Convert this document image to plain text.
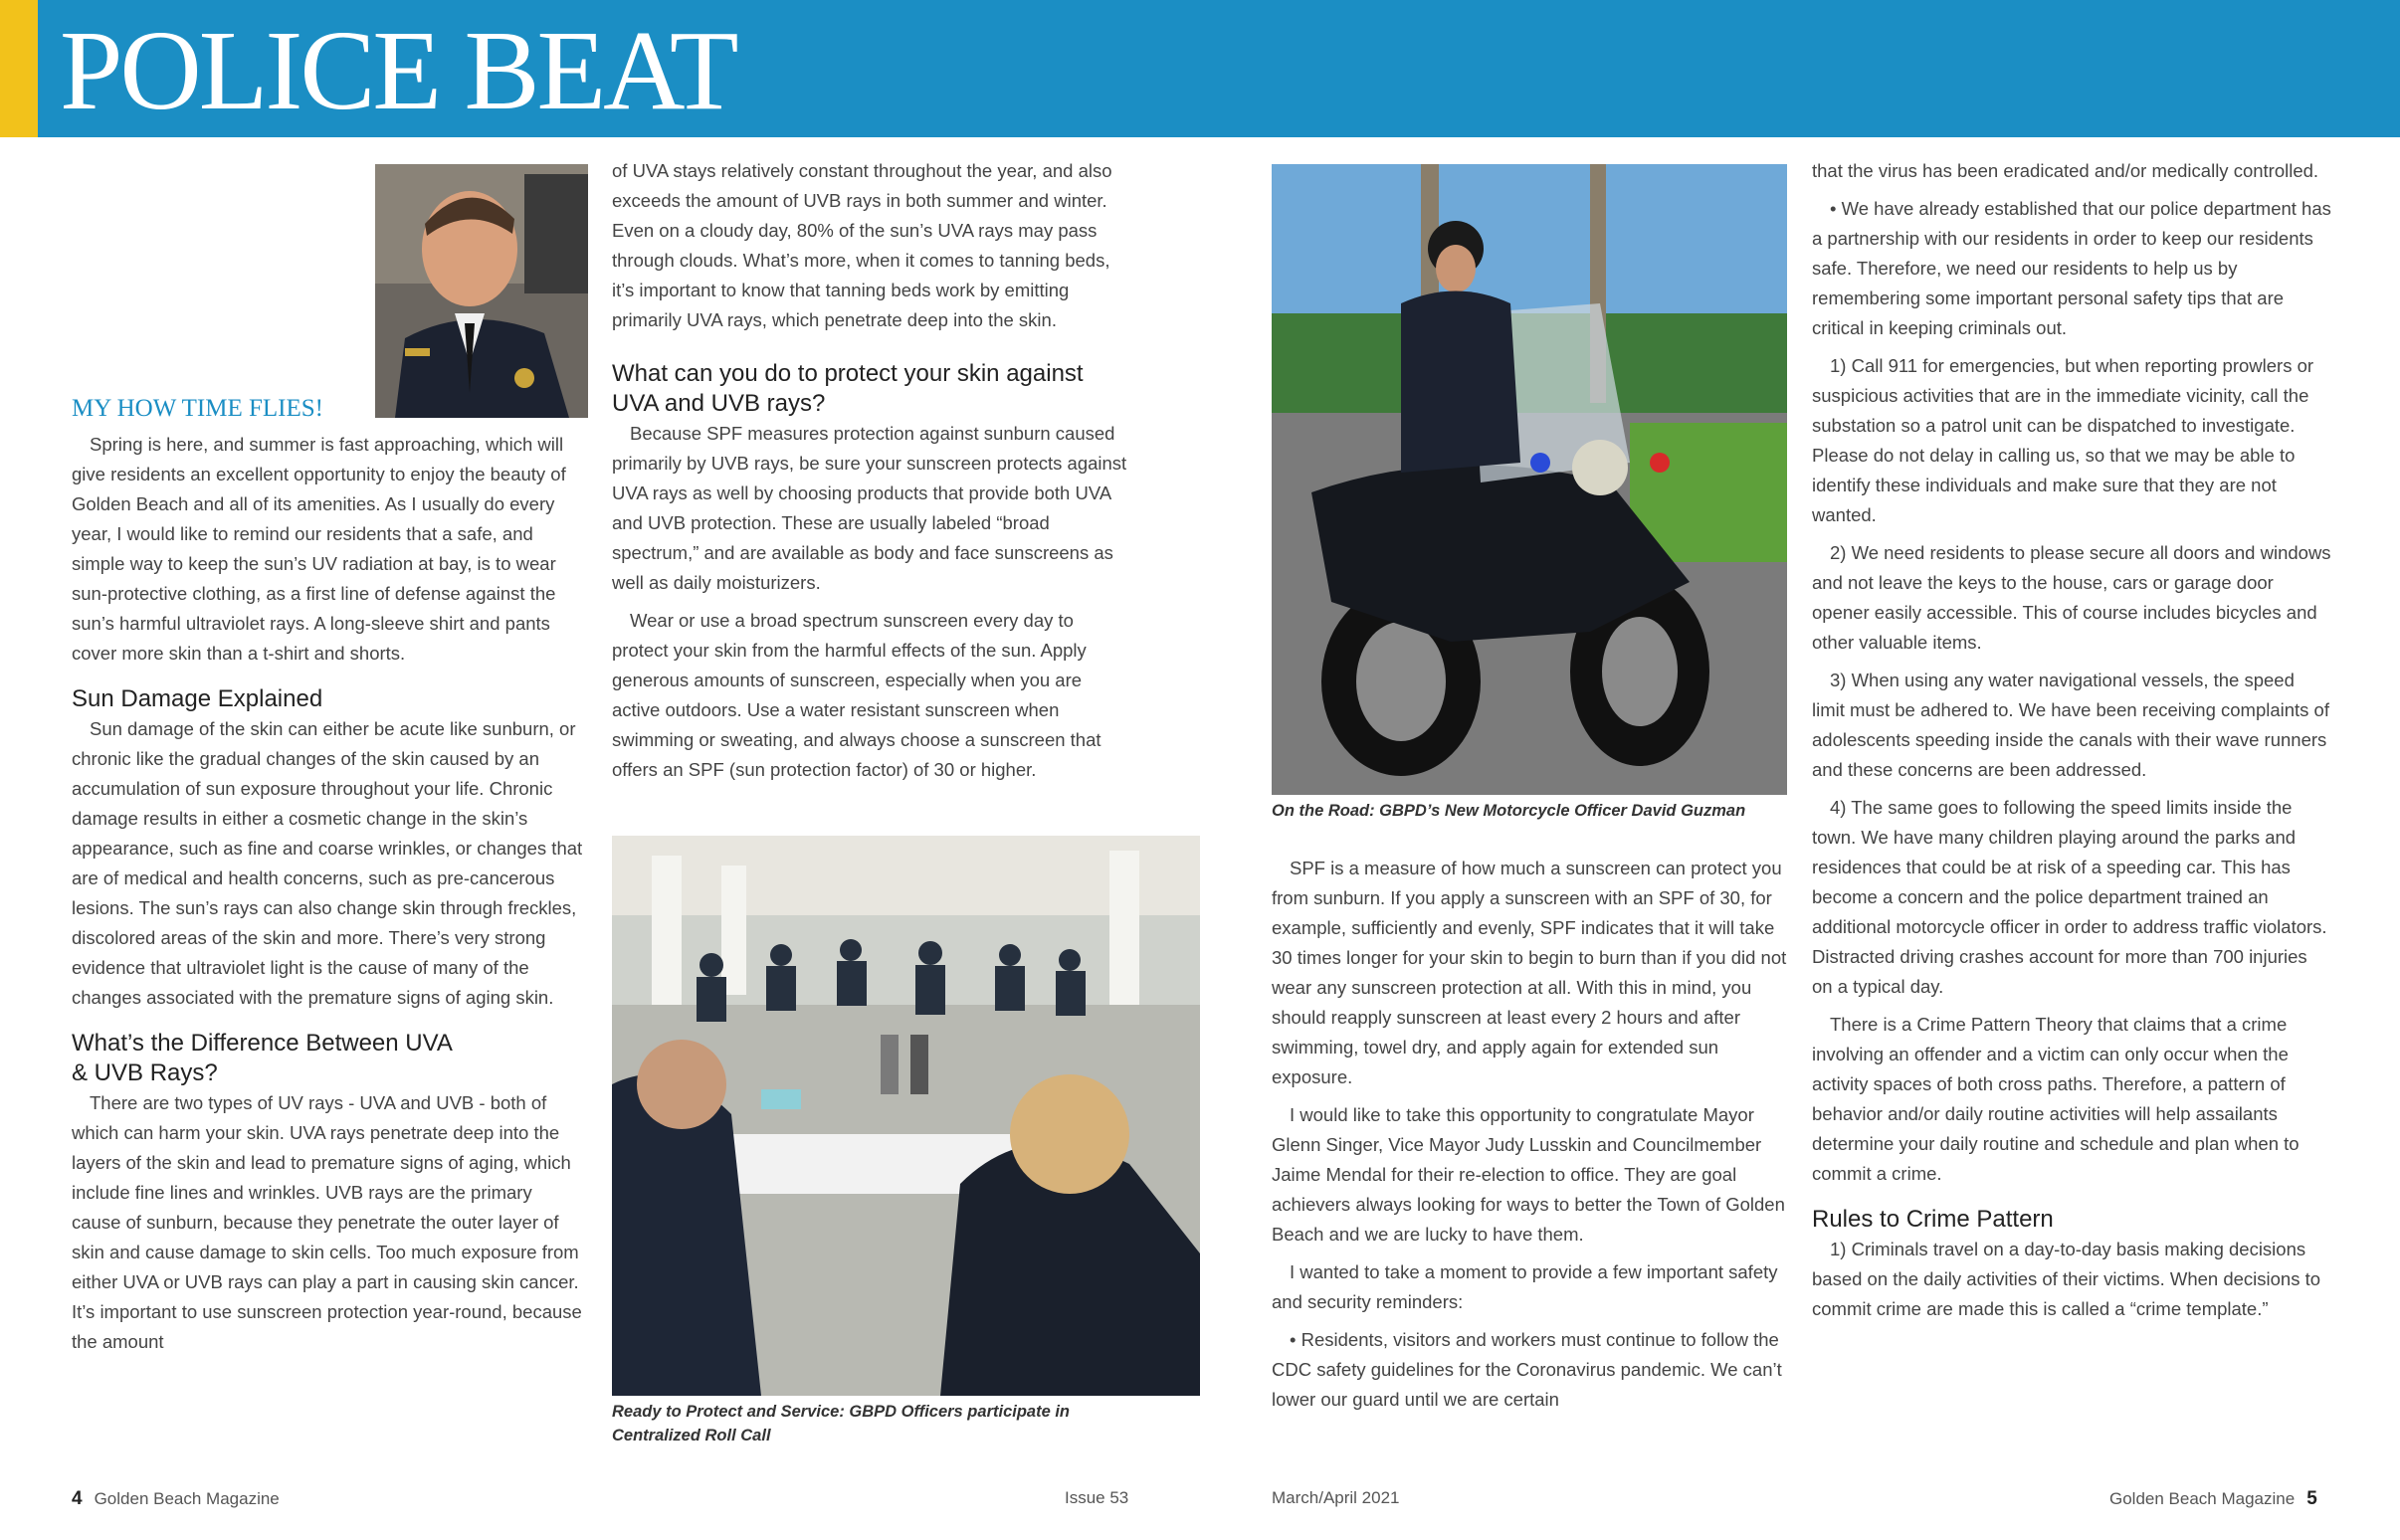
POLICE BEAT
MY HOW TIME FLIES!

Spring is here, and summer is fast approaching, which will give residents an excellent opportunity to enjoy the beauty of Golden Beach and all of its amenities. As I usually do every year, I would like to remind our residents that a safe, and simple way to keep the sun’s UV radiation at bay, is to wear sun-protective clothing, as a first line of defense against the sun’s harmful ultraviolet rays. A long-sleeve shirt and pants cover more skin than a t-shirt and shorts.

Sun Damage Explained

Sun damage of the skin can either be acute like sunburn, or chronic like the gradual changes of the skin caused by an accumulation of sun exposure throughout your life. Chronic damage results in either a cosmetic change in the skin’s appearance, such as fine and coarse wrinkles, or changes that are of medical and health concerns, such as pre-cancerous lesions. The sun’s rays can also change skin through freckles, discolored areas of the skin and more. There’s very strong evidence that ultraviolet light is the cause of many of the changes associated with the premature signs of aging skin.

What’s the Difference Between UVA & UVB Rays?

There are two types of UV rays - UVA and UVB - both of which can harm your skin. UVA rays penetrate deep into the layers of the skin and lead to premature signs of aging, which include fine lines and wrinkles. UVB rays are the primary cause of sunburn, because they penetrate the outer layer of skin and cause damage to skin cells. Too much exposure from either UVA or UVB rays can play a part in causing skin cancer. It’s important to use sunscreen protection year-round, because the amount

of UVA stays relatively constant throughout the year, and also exceeds the amount of UVB rays in both summer and winter. Even on a cloudy day, 80% of the sun’s UVA rays may pass through clouds. What’s more, when it comes to tanning beds, it’s important to know that tanning beds work by emitting primarily UVA rays, which penetrate deep into the skin.

What can you do to protect your skin against UVA and UVB rays?

Because SPF measures protection against sunburn caused primarily by UVB rays, be sure your sunscreen protects against UVA rays as well by choosing products that provide both UVA and UVB protection. These are usually labeled “broad spectrum,” and are available as body and face sunscreens as well as daily moisturizers.

Wear or use a broad spectrum sunscreen every day to protect your skin from the harmful effects of the sun. Apply generous amounts of sunscreen, especially when you are active outdoors. Use a water resistant sunscreen when swimming or sweating, and always choose a sunscreen that offers an SPF (sun protection factor) of 30 or higher.

Ready to Protect and Service: GBPD Officers participate in Centralized Roll Call
On the Road: GBPD’s New Motorcycle Officer David Guzman

SPF is a measure of how much a sunscreen can protect you from sunburn. If you apply a sunscreen with an SPF of 30, for example, sufficiently and evenly, SPF indicates that it will take 30 times longer for your skin to begin to burn than if you did not wear any sunscreen protection at all. With this in mind, you should reapply sunscreen at least every 2 hours and after swimming, towel dry, and apply again for extended sun exposure.

I would like to take this opportunity to congratulate Mayor Glenn Singer, Vice Mayor Judy Lusskin and Councilmember Jaime Mendal for their re-election to office. They are goal achievers always looking for ways to better the Town of Golden Beach and we are lucky to have them.

I wanted to take a moment to provide a few important safety and security reminders:

• Residents, visitors and workers must continue to follow the CDC safety guidelines for the Coronavirus pandemic. We can’t lower our guard until we are certain

that the virus has been eradicated and/or medically controlled.

• We have already established that our police department has a partnership with our residents in order to keep our residents safe. Therefore, we need our residents to help us by remembering some important personal safety tips that are critical in keeping criminals out.

1) Call 911 for emergencies, but when reporting prowlers or suspicious activities that are in the immediate vicinity, call the substation so a patrol unit can be dispatched to investigate. Please do not delay in calling us, so that we may be able to identify these individuals and make sure that they are not wanted.

2) We need residents to please secure all doors and windows and not leave the keys to the house, cars or garage door opener easily accessible. This of course includes bicycles and other valuable items.

3) When using any water navigational vessels, the speed limit must be adhered to. We have been receiving complaints of adolescents speeding inside the canals with their wave runners and these concerns are been addressed.

4) The same goes to following the speed limits inside the town. We have many children playing around the parks and residences that could be at risk of a speeding car. This has become a concern and the police department trained an additional motorcycle officer in order to address traffic violators. Distracted driving crashes account for more than 700 injuries on a typical day.

There is a Crime Pattern Theory that claims that a crime involving an offender and a victim can only occur when the activity spaces of both cross paths. Therefore, a pattern of behavior and/or daily routine activities will help assailants determine your daily routine and schedule and plan when to commit a crime.

Rules to Crime Pattern

1) Criminals travel on a day-to-day basis making decisions based on the daily activities of their victims. When decisions to commit crime are made this is called a “crime template.”

4 Golden Beach Magazine	Issue 53	March/April 2021	Golden Beach Magazine 5
